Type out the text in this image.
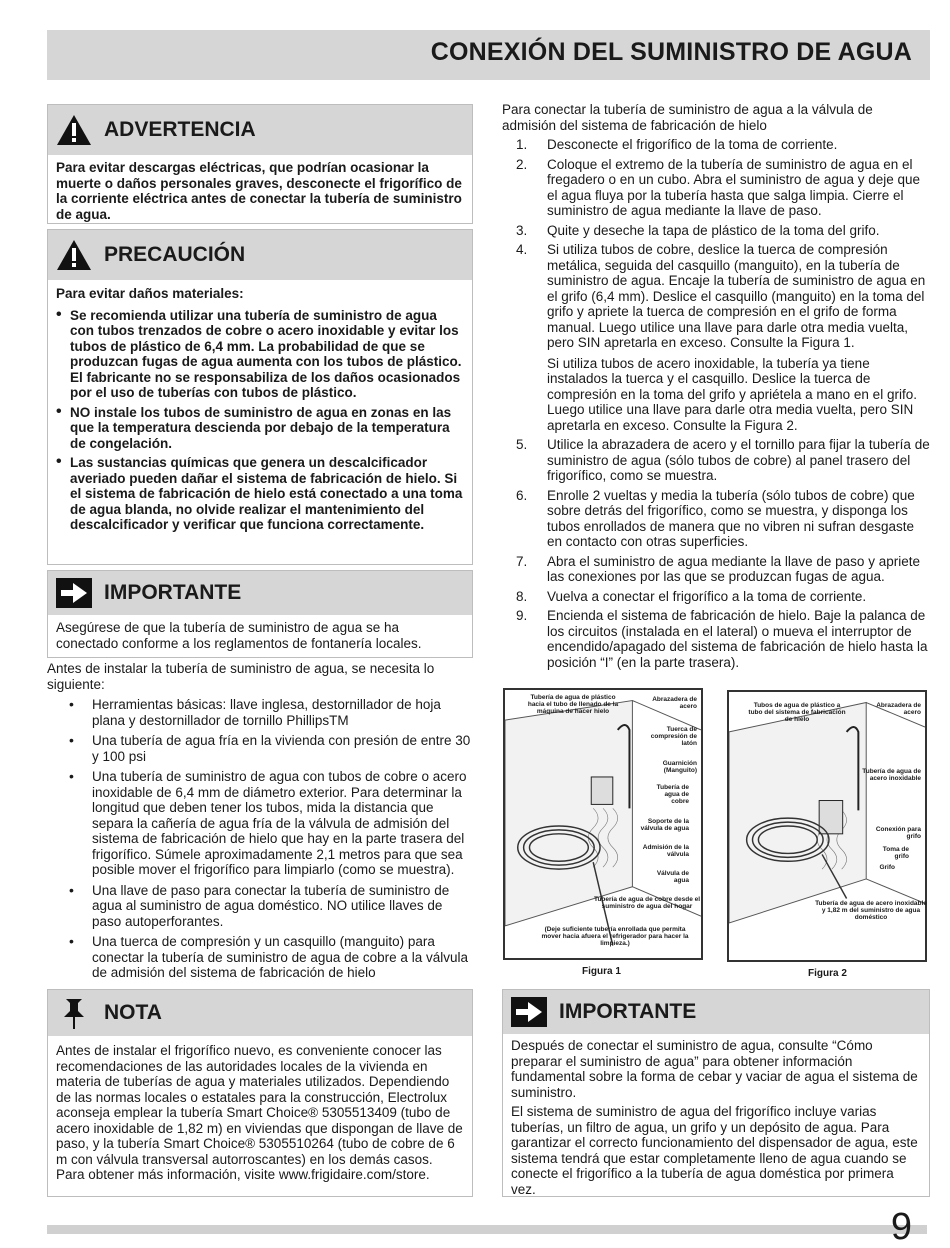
CONEXIÓN DEL SUMINISTRO DE AGUA
ADVERTENCIA
Para evitar descargas eléctricas, que podrían ocasionar la muerte o daños personales graves, desconecte el frigorífico de la corriente eléctrica antes de conectar la tubería de suministro de agua.
PRECAUCIÓN
Para evitar daños materiales:
• Se recomienda utilizar una tubería de suministro de agua con tubos trenzados de cobre o acero inoxidable y evitar los tubos de plástico de 6,4 mm. La probabilidad de que se produzcan fugas de agua aumenta con los tubos de plástico. El fabricante no se responsabiliza de los daños ocasionados por el uso de tuberías con tubos de plástico.
• NO instale los tubos de suministro de agua en zonas en las que la temperatura descienda por debajo de la temperatura de congelación.
• Las sustancias químicas que genera un descalcificador averiado pueden dañar el sistema de fabricación de hielo. Si el sistema de fabricación de hielo está conectado a una toma de agua blanda, no olvide realizar el mantenimiento del descalcificador y verificar que funciona correctamente.
IMPORTANTE
Asegúrese de que la tubería de suministro de agua se ha conectado conforme a los reglamentos de fontanería locales.
Antes de instalar la tubería de suministro de agua, se necesita lo siguiente:
• Herramientas básicas: llave inglesa, destornillador de hoja plana y destornillador de tornillo PhillipsTM
• Una tubería de agua fría en la vivienda con presión de entre 30 y 100 psi
• Una tubería de suministro de agua con tubos de cobre o acero inoxidable de 6,4 mm de diámetro exterior. Para determinar la longitud que deben tener los tubos, mida la distancia que separa la cañería de agua fría de la válvula de admisión del sistema de fabricación de hielo que hay en la parte trasera del frigorífico. Súmele aproximadamente 2,1 metros para que sea posible mover el frigorífico para limpiarlo (como se muestra).
• Una llave de paso para conectar la tubería de suministro de agua al suministro de agua doméstico. NO utilice llaves de paso autoperforantes.
• Una tuerca de compresión y un casquillo (manguito) para conectar la tubería de suministro de agua de cobre a la válvula de admisión del sistema de fabricación de hielo
NOTA
Antes de instalar el frigorífico nuevo, es conveniente conocer las recomendaciones de las autoridades locales de la vivienda en materia de tuberías de agua y materiales utilizados. Dependiendo de las normas locales o estatales para la construcción, Electrolux aconseja emplear la tubería Smart Choice® 5305513409 (tubo de acero inoxidable de 1,82 m) en viviendas que dispongan de llave de paso, y la tubería Smart Choice® 5305510264 (tubo de cobre de 6 m con válvula transversal autorroscantes) en los demás casos. Para obtener más información, visite www.frigidaire.com/store.
Para conectar la tubería de suministro de agua a la válvula de admisión del sistema de fabricación de hielo
1. Desconecte el frigorífico de la toma de corriente.
2. Coloque el extremo de la tubería de suministro de agua en el fregadero o en un cubo. Abra el suministro de agua y deje que el agua fluya por la tubería hasta que salga limpia. Cierre el suministro de agua mediante la llave de paso.
3. Quite y deseche la tapa de plástico de la toma del grifo.
4. Si utiliza tubos de cobre, deslice la tuerca de compresión metálica, seguida del casquillo (manguito), en la tubería de suministro de agua. Encaje la tubería de suministro de agua en el grifo (6,4 mm). Deslice el casquillo (manguito) en la toma del grifo y apriete la tuerca de compresión en el grifo de forma manual. Luego utilice una llave para darle otra media vuelta, pero SIN apretarla en exceso. Consulte la Figura 1.
Si utiliza tubos de acero inoxidable, la tubería ya tiene instalados la tuerca y el casquillo. Deslice la tuerca de compresión en la toma del grifo y apriétela a mano en el grifo. Luego utilice una llave para darle otra media vuelta, pero SIN apretarla en exceso. Consulte la Figura 2.
5. Utilice la abrazadera de acero y el tornillo para fijar la tubería de suministro de agua (sólo tubos de cobre) al panel trasero del frigorífico, como se muestra.
6. Enrolle 2 vueltas y media la tubería (sólo tubos de cobre) que sobre detrás del frigorífico, como se muestra, y disponga los tubos enrollados de manera que no vibren ni sufran desgaste en contacto con otras superficies.
7. Abra el suministro de agua mediante la llave de paso y apriete las conexiones por las que se produzcan fugas de agua.
8. Vuelva a conectar el frigorífico a la toma de corriente.
9. Encienda el sistema de fabricación de hielo. Baje la palanca de los circuitos (instalada en el lateral) o mueva el interruptor de encendido/apagado del sistema de fabricación de hielo hasta la posición “I” (en la parte trasera).
Tubería de agua de plástico hacia el tubo de llenado de la máquina de hacer hielo
Abrazadera de acero
Tuerca de compresión de latón
Guarnición (Manguito)
Tubería de agua de cobre
Soporte de la válvula de agua
Admisión de la válvula
Válvula de agua
Tubería de agua de cobre desde el suministro de agua del hogar
(Deje suficiente tubería enrollada que permita mover hacia afuera el refrigerador para hacer la limpieza.)
Figura 1
Tubos de agua de plástico a tubo del sistema de fabricación de hielo
Abrazadera de acero
Tubería de agua de acero inoxidable
Conexión para grifo
Toma de grifo
Grifo
Tubería de agua de acero inoxidable y 1,82 m del suministro de agua doméstico
Figura 2
IMPORTANTE
Después de conectar el suministro de agua, consulte “Cómo preparar el suministro de agua” para obtener información fundamental sobre la forma de cebar y vaciar de agua el sistema de suministro.
El sistema de suministro de agua del frigorífico incluye varias tuberías, un filtro de agua, un grifo y un depósito de agua. Para garantizar el correcto funcionamiento del dispensador de agua, este sistema tendrá que estar completamente lleno de agua cuando se conecte el frigorífico a la tubería de agua doméstica por primera vez.
9
